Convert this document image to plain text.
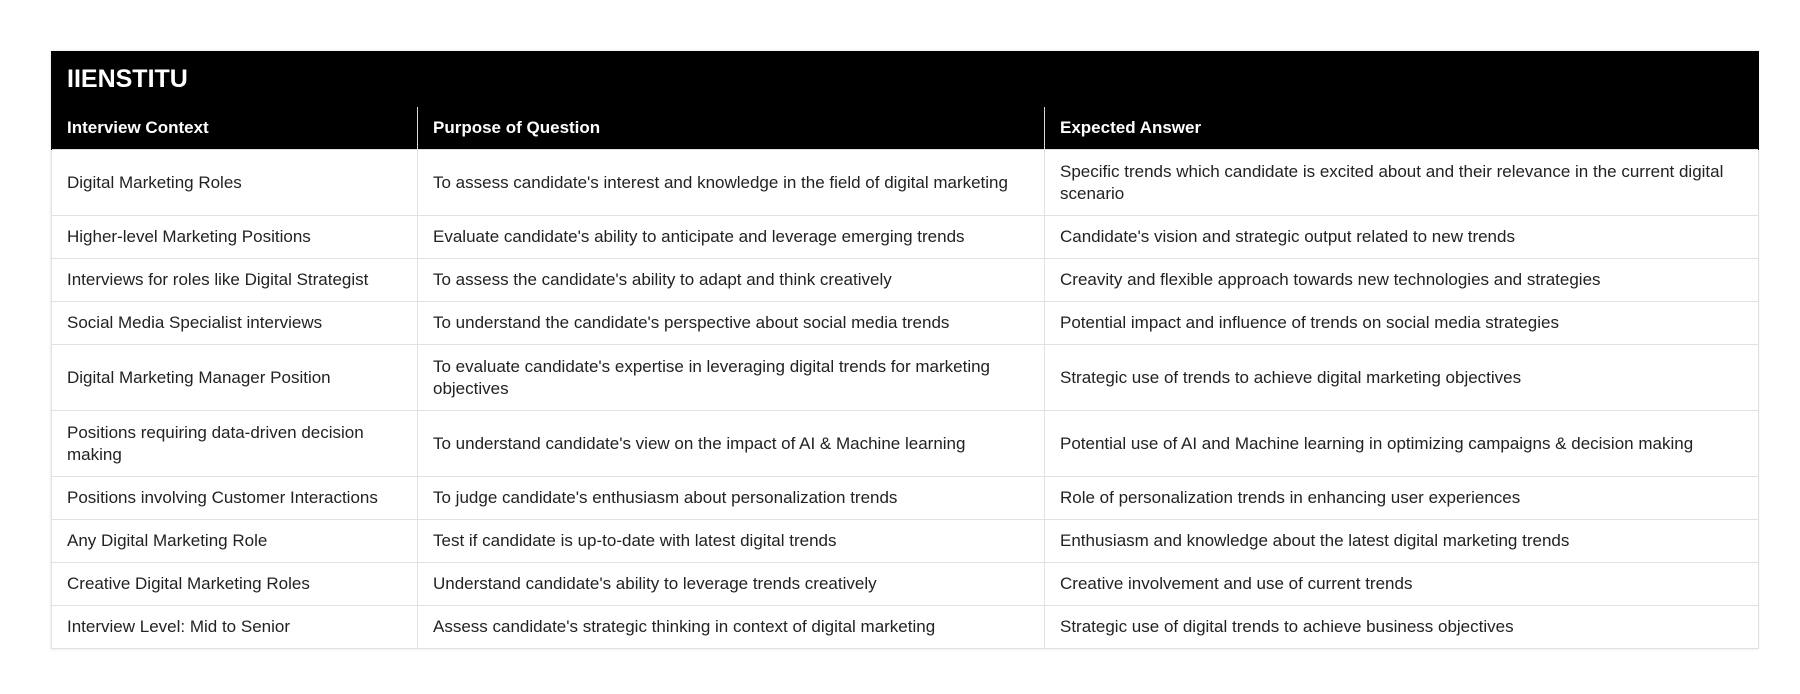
IIENSTITU		
Interview Context	Purpose of Question	Expected Answer
Digital Marketing Roles	To assess candidate's interest and knowledge in the field of digital marketing	Specific trends which candidate is excited about and their relevance in the current digital scenario
Higher-level Marketing Positions	Evaluate candidate's ability to anticipate and leverage emerging trends	Candidate's vision and strategic output related to new trends
Interviews for roles like Digital Strategist	To assess the candidate's ability to adapt and think creatively	Creavity and flexible approach towards new technologies and strategies
Social Media Specialist interviews	To understand the candidate's perspective about social media trends	Potential impact and influence of trends on social media strategies
Digital Marketing Manager Position	To evaluate candidate's expertise in leveraging digital trends for marketing objectives	Strategic use of trends to achieve digital marketing objectives
Positions requiring data-driven decision making	To understand candidate's view on the impact of AI & Machine learning	Potential use of AI and Machine learning in optimizing campaigns & decision making
Positions involving Customer Interactions	To judge candidate's enthusiasm about personalization trends	Role of personalization trends in enhancing user experiences
Any Digital Marketing Role	Test if candidate is up-to-date with latest digital trends	Enthusiasm and knowledge about the latest digital marketing trends
Creative Digital Marketing Roles	Understand candidate's ability to leverage trends creatively	Creative involvement and use of current trends
Interview Level: Mid to Senior	Assess candidate's strategic thinking in context of digital marketing	Strategic use of digital trends to achieve business objectives
